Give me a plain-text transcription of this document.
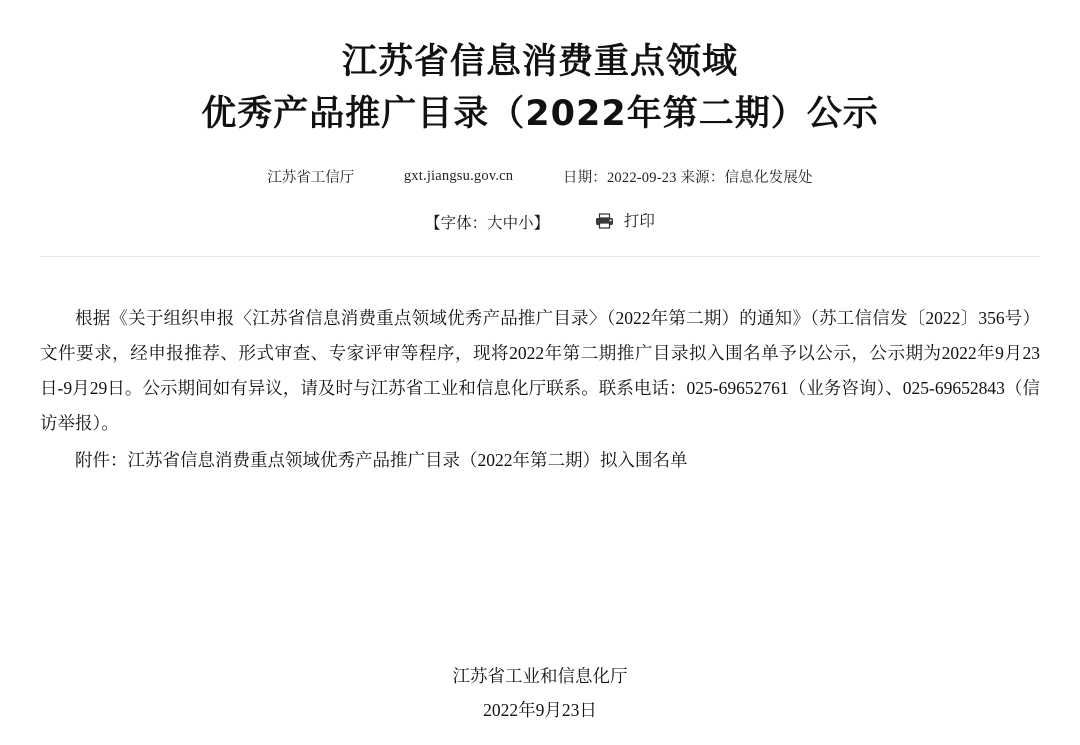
江苏省信息消费重点领域
优秀产品推广目录（2022年第二期）公示
江苏省工信厅	gxt.jiangsu.gov.cn	日期：2022-09-23 来源：信息化发展处
【字体：大中小】	打印

根据《关于组织申报〈江苏省信息消费重点领域优秀产品推广目录〉（2022年第二期）的通知》（苏工信信发〔2022〕356号）文件要求，经申报推荐、形式审查、专家评审等程序，现将2022年第二期推广目录拟入围名单予以公示，公示期为2022年9月23日-9月29日。公示期间如有异议，请及时与江苏省工业和信息化厅联系。联系电话：025-69652761（业务咨询）、025-69652843（信访举报）。

附件：江苏省信息消费重点领域优秀产品推广目录（2022年第二期）拟入围名单

江苏省工业和信息化厅
2022年9月23日
